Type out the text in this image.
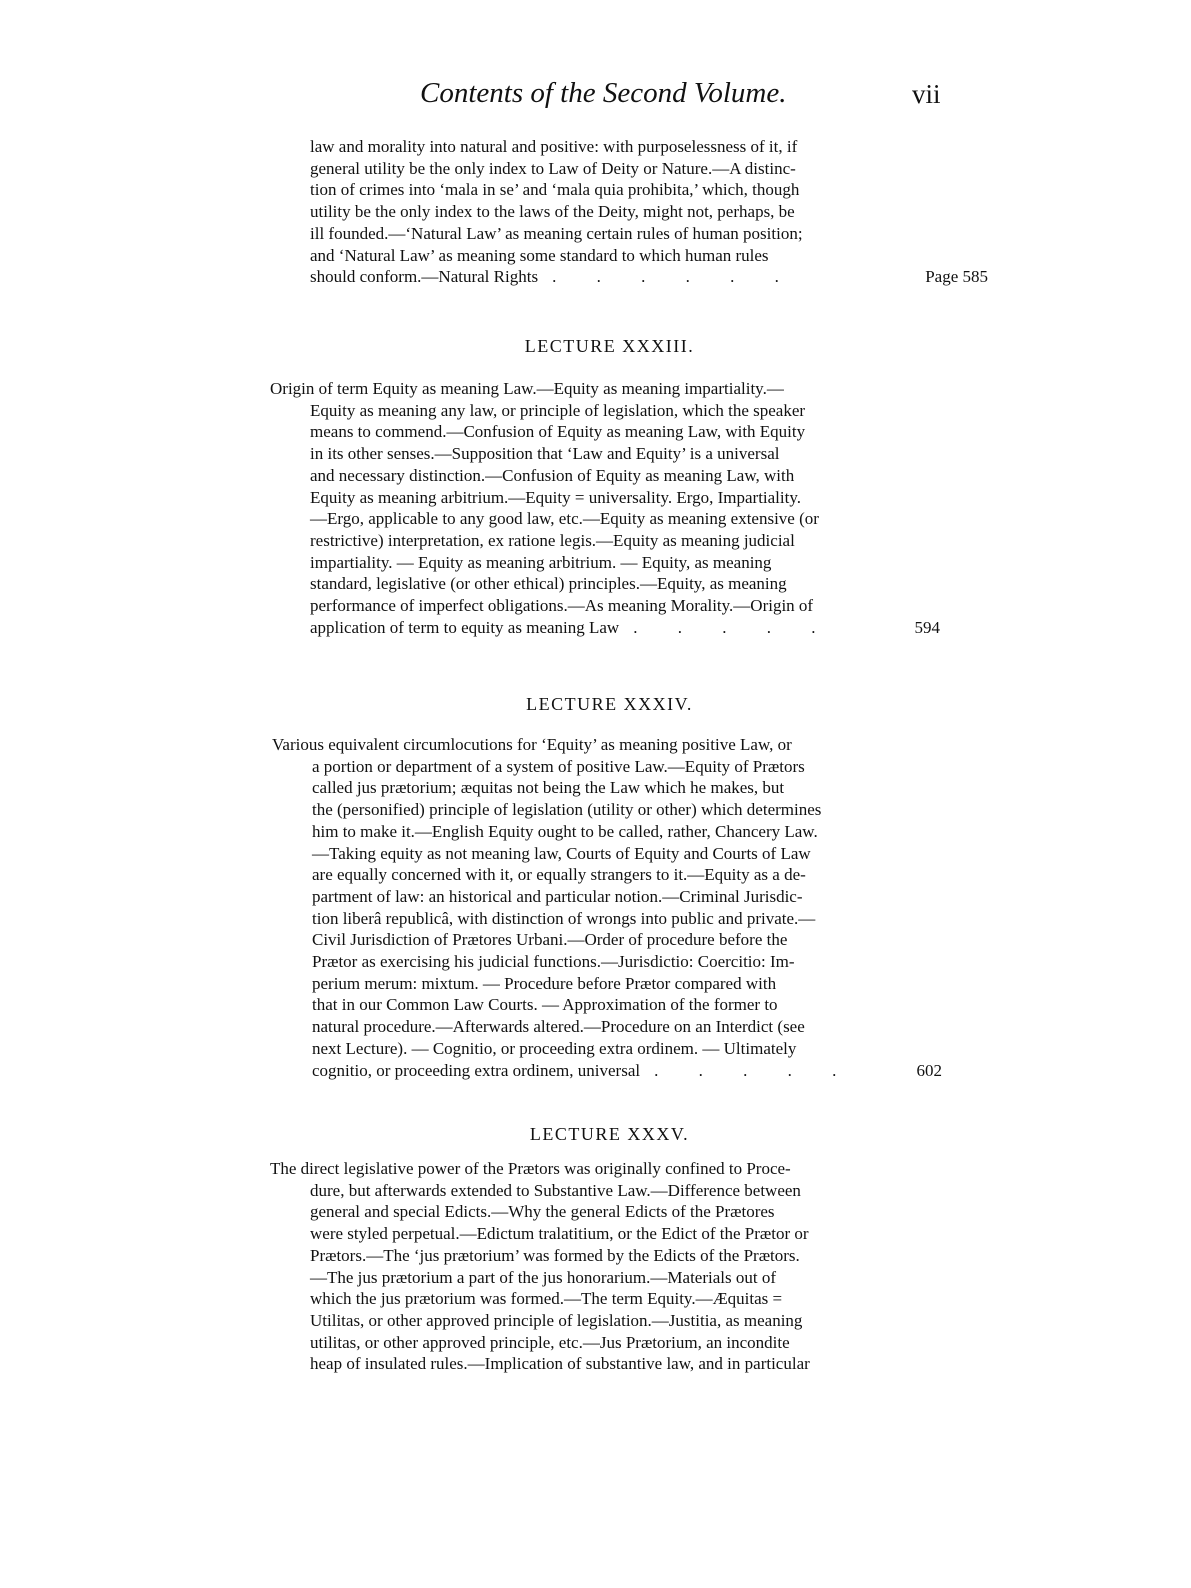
Contents of the Second Volume.	vii
law and morality into natural and positive: with purposelessness of it, if
general utility be the only index to Law of Deity or Nature.—A distinc-
tion of crimes into ‘mala in se’ and ‘mala quia prohibita,’ which, though
utility be the only index to the laws of the Deity, might not, perhaps, be
ill founded.—‘Natural Law’ as meaning certain rules of human position;
and ‘Natural Law’ as meaning some standard to which human rules
should conform.—Natural Rights . . . . . .	Page 585
LECTURE XXXIII.
Origin of term Equity as meaning Law.—Equity as meaning impartiality.—
Equity as meaning any law, or principle of legislation, which the speaker
means to commend.—Confusion of Equity as meaning Law, with Equity
in its other senses.—Supposition that ‘Law and Equity’ is a universal
and necessary distinction.—Confusion of Equity as meaning Law, with
Equity as meaning arbitrium.—Equity = universality. Ergo, Impartiality.
—Ergo, applicable to any good law, etc.—Equity as meaning extensive (or
restrictive) interpretation, ex ratione legis.—Equity as meaning judicial
impartiality. — Equity as meaning arbitrium. — Equity, as meaning
standard, legislative (or other ethical) principles.—Equity, as meaning
performance of imperfect obligations.—As meaning Morality.—Origin of
application of term to equity as meaning Law . . . . .	594
LECTURE XXXIV.
Various equivalent circumlocutions for ‘Equity’ as meaning positive Law, or
a portion or department of a system of positive Law.—Equity of Prætors
called jus prætorium; æquitas not being the Law which he makes, but
the (personified) principle of legislation (utility or other) which determines
him to make it.—English Equity ought to be called, rather, Chancery Law.
—Taking equity as not meaning law, Courts of Equity and Courts of Law
are equally concerned with it, or equally strangers to it.—Equity as a de-
partment of law: an historical and particular notion.—Criminal Jurisdic-
tion liberâ republicâ, with distinction of wrongs into public and private.—
Civil Jurisdiction of Prætores Urbani.—Order of procedure before the
Prætor as exercising his judicial functions.—Jurisdictio: Coercitio: Im-
perium merum: mixtum. — Procedure before Prætor compared with
that in our Common Law Courts. — Approximation of the former to
natural procedure.—Afterwards altered.—Procedure on an Interdict (see
next Lecture). — Cognitio, or proceeding extra ordinem. — Ultimately
cognitio, or proceeding extra ordinem, universal . . . . .	602
LECTURE XXXV.
The direct legislative power of the Prætors was originally confined to Proce-
dure, but afterwards extended to Substantive Law.—Difference between
general and special Edicts.—Why the general Edicts of the Prætores
were styled perpetual.—Edictum tralatitium, or the Edict of the Prætor or
Prætors.—The ‘jus prætorium’ was formed by the Edicts of the Prætors.
—The jus prætorium a part of the jus honorarium.—Materials out of
which the jus prætorium was formed.—The term Equity.—Æquitas =
Utilitas, or other approved principle of legislation.—Justitia, as meaning
utilitas, or other approved principle, etc.—Jus Prætorium, an incondite
heap of insulated rules.—Implication of substantive law, and in particular
